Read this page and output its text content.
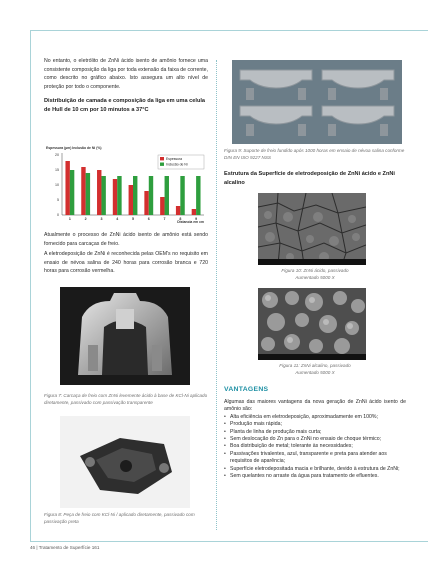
No entanto, o eletrólito de ZnNi ácido isento de amônio fornece uma consistente composição da liga por toda extensão da faixa de corrente, como descrito no gráfico abaixo. Isto assegura um alto nível de proteção por todo o componente.

Distribuição de camada e composição da liga em uma celula de Hull de 10 cm por 10 minutos a 37°C
Espessura (µm) Inclusão de Ni (%)
0
5
10
15
20
1	2	3	4	5	6	7	8	9
Distancia em cm
Espessura
Inclusão de Ni

Atualmente o processo de ZnNi ácido isento de amônio está sendo fornecido para carcaças de freio.

A eletrodeposição de ZnNi é reconhecida pelas OEM's no requisito em ensaio de névoa salina de 240 horas para corrosão branca e 720 horas para corrosão vermelha.

Figura 7: Carcaça de freio com ZnNi levemente ácido à base de KCl-Ni aplicado diretamente, passivado com passivação transparente

Figura 8: Peça de freio com KCl-Ni / aplicado diretamente, passivado com passivação preta

Figura 9: Suporte de freio fundido após 1000 horas em ensaio de névoa salina conforme DIN EN ISO 9227 NSS

Estrutura da Superfície de eletrodeposição de ZnNi ácido e ZnNi alcalino

Figura 10: ZnNi ácido, passivado
Aumentado 5000 X

Figura 11: ZnNi alcalino, passivado
Aumentado 5000 X

VANTAGENS

Algumas das maiores vantagens da nova geração de ZnNi ácido isento de amônio são:

• Alta eficiência em eletrodeposição, aproximadamente em 100%;
• Produção mais rápida;
• Planta de linha de produção mais curta;
• Sem deslocação do Zn para o ZnNi no ensaio de choque térmico;
• Boa distribuição de metal; tolerante às necessidades;
• Passivações trivalentes, azul, transparente e preta para atender aos requisitos de aparência;
• Superfície eletrodepositada macia e brilhante, devido à estrutura de ZnNi;
• Sem quelantes no arraste da água para tratamento de efluentes.
46 | Tratamento de Superfície 161
